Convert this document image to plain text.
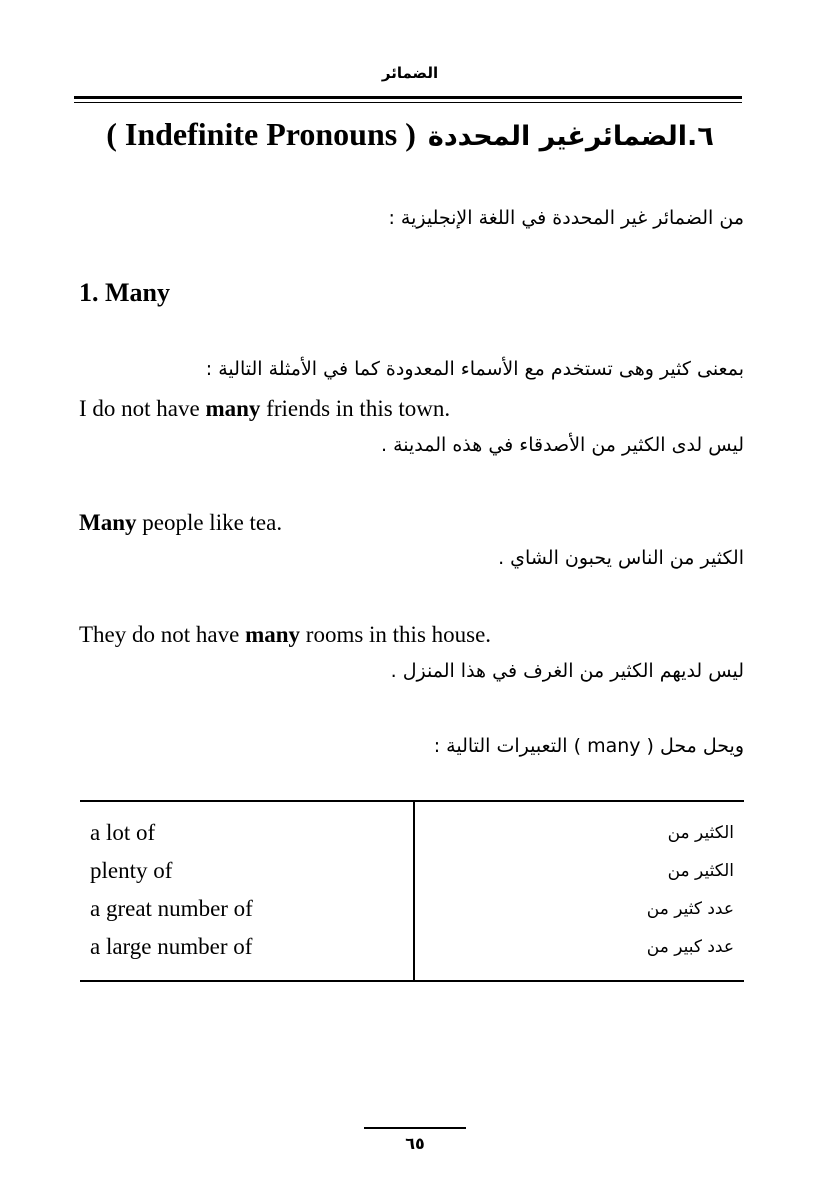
الضمائر
( Indefinite Pronouns ) ٦.الضمائرغير المحددة
من الضمائر غير المحددة في اللغة الإنجليزية :
1. Many
بمعنى كثير وهى تستخدم مع الأسماء المعدودة كما في الأمثلة التالية :
I do not have many friends in this town.
ليس لدى الكثير من الأصدقاء في هذه المدينة .
Many people like tea.
الكثير من الناس يحبون الشاي .
They do not have many rooms in this house.
ليس لديهم الكثير من الغرف في هذا المنزل .
ويحل محل ( many ) التعبيرات التالية :
a lot of
plenty of
a great number of
a large number of
الكثير من
الكثير من
عدد كثير من
عدد كبير من
٦٥
